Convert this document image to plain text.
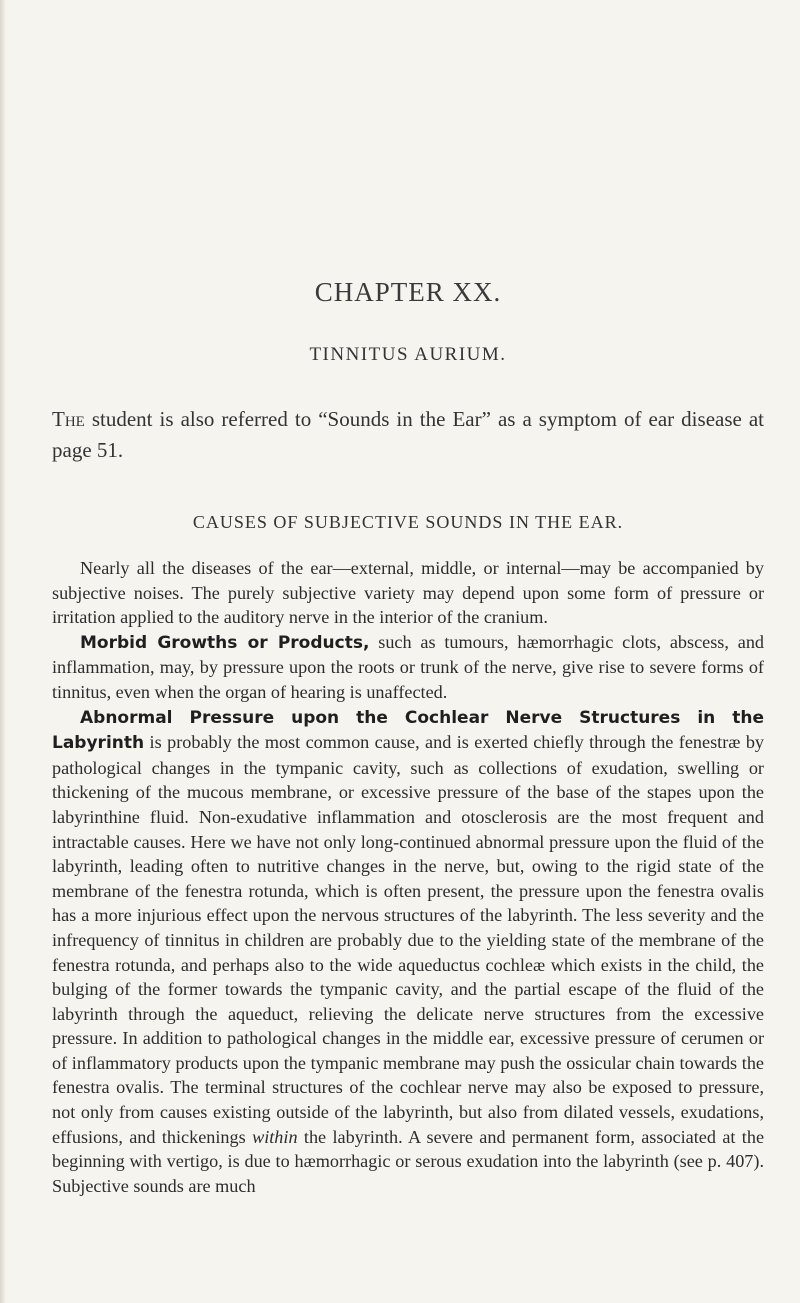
CHAPTER XX.
TINNITUS AURIUM.
The student is also referred to “Sounds in the Ear” as a symptom of ear disease at page 51.
CAUSES OF SUBJECTIVE SOUNDS IN THE EAR.

Nearly all the diseases of the ear—external, middle, or internal—may be accompanied by subjective noises. The purely subjective variety may depend upon some form of pressure or irritation applied to the auditory nerve in the interior of the cranium.

Morbid Growths or Products, such as tumours, hæmorrhagic clots, abscess, and inflammation, may, by pressure upon the roots or trunk of the nerve, give rise to severe forms of tinnitus, even when the organ of hearing is unaffected.

Abnormal Pressure upon the Cochlear Nerve Structures in the Labyrinth is probably the most common cause, and is exerted chiefly through the fenestræ by pathological changes in the tympanic cavity, such as collections of exudation, swelling or thickening of the mucous membrane, or excessive pressure of the base of the stapes upon the labyrinthine fluid. Non-exudative inflammation and otosclerosis are the most frequent and intractable causes. Here we have not only long-continued abnormal pressure upon the fluid of the labyrinth, leading often to nutritive changes in the nerve, but, owing to the rigid state of the membrane of the fenestra rotunda, which is often present, the pressure upon the fenestra ovalis has a more injurious effect upon the nervous structures of the labyrinth. The less severity and the infrequency of tinnitus in children are probably due to the yielding state of the membrane of the fenestra rotunda, and perhaps also to the wide aqueductus cochleæ which exists in the child, the bulging of the former towards the tympanic cavity, and the partial escape of the fluid of the labyrinth through the aqueduct, relieving the delicate nerve structures from the excessive pressure. In addition to pathological changes in the middle ear, excessive pressure of cerumen or of inflammatory products upon the tympanic membrane may push the ossicular chain towards the fenestra ovalis. The terminal structures of the cochlear nerve may also be exposed to pressure, not only from causes existing outside of the labyrinth, but also from dilated vessels, exudations, effusions, and thickenings within the labyrinth. A severe and permanent form, associated at the beginning with vertigo, is due to hæmorrhagic or serous exudation into the labyrinth (see p. 407). Subjective sounds are much
